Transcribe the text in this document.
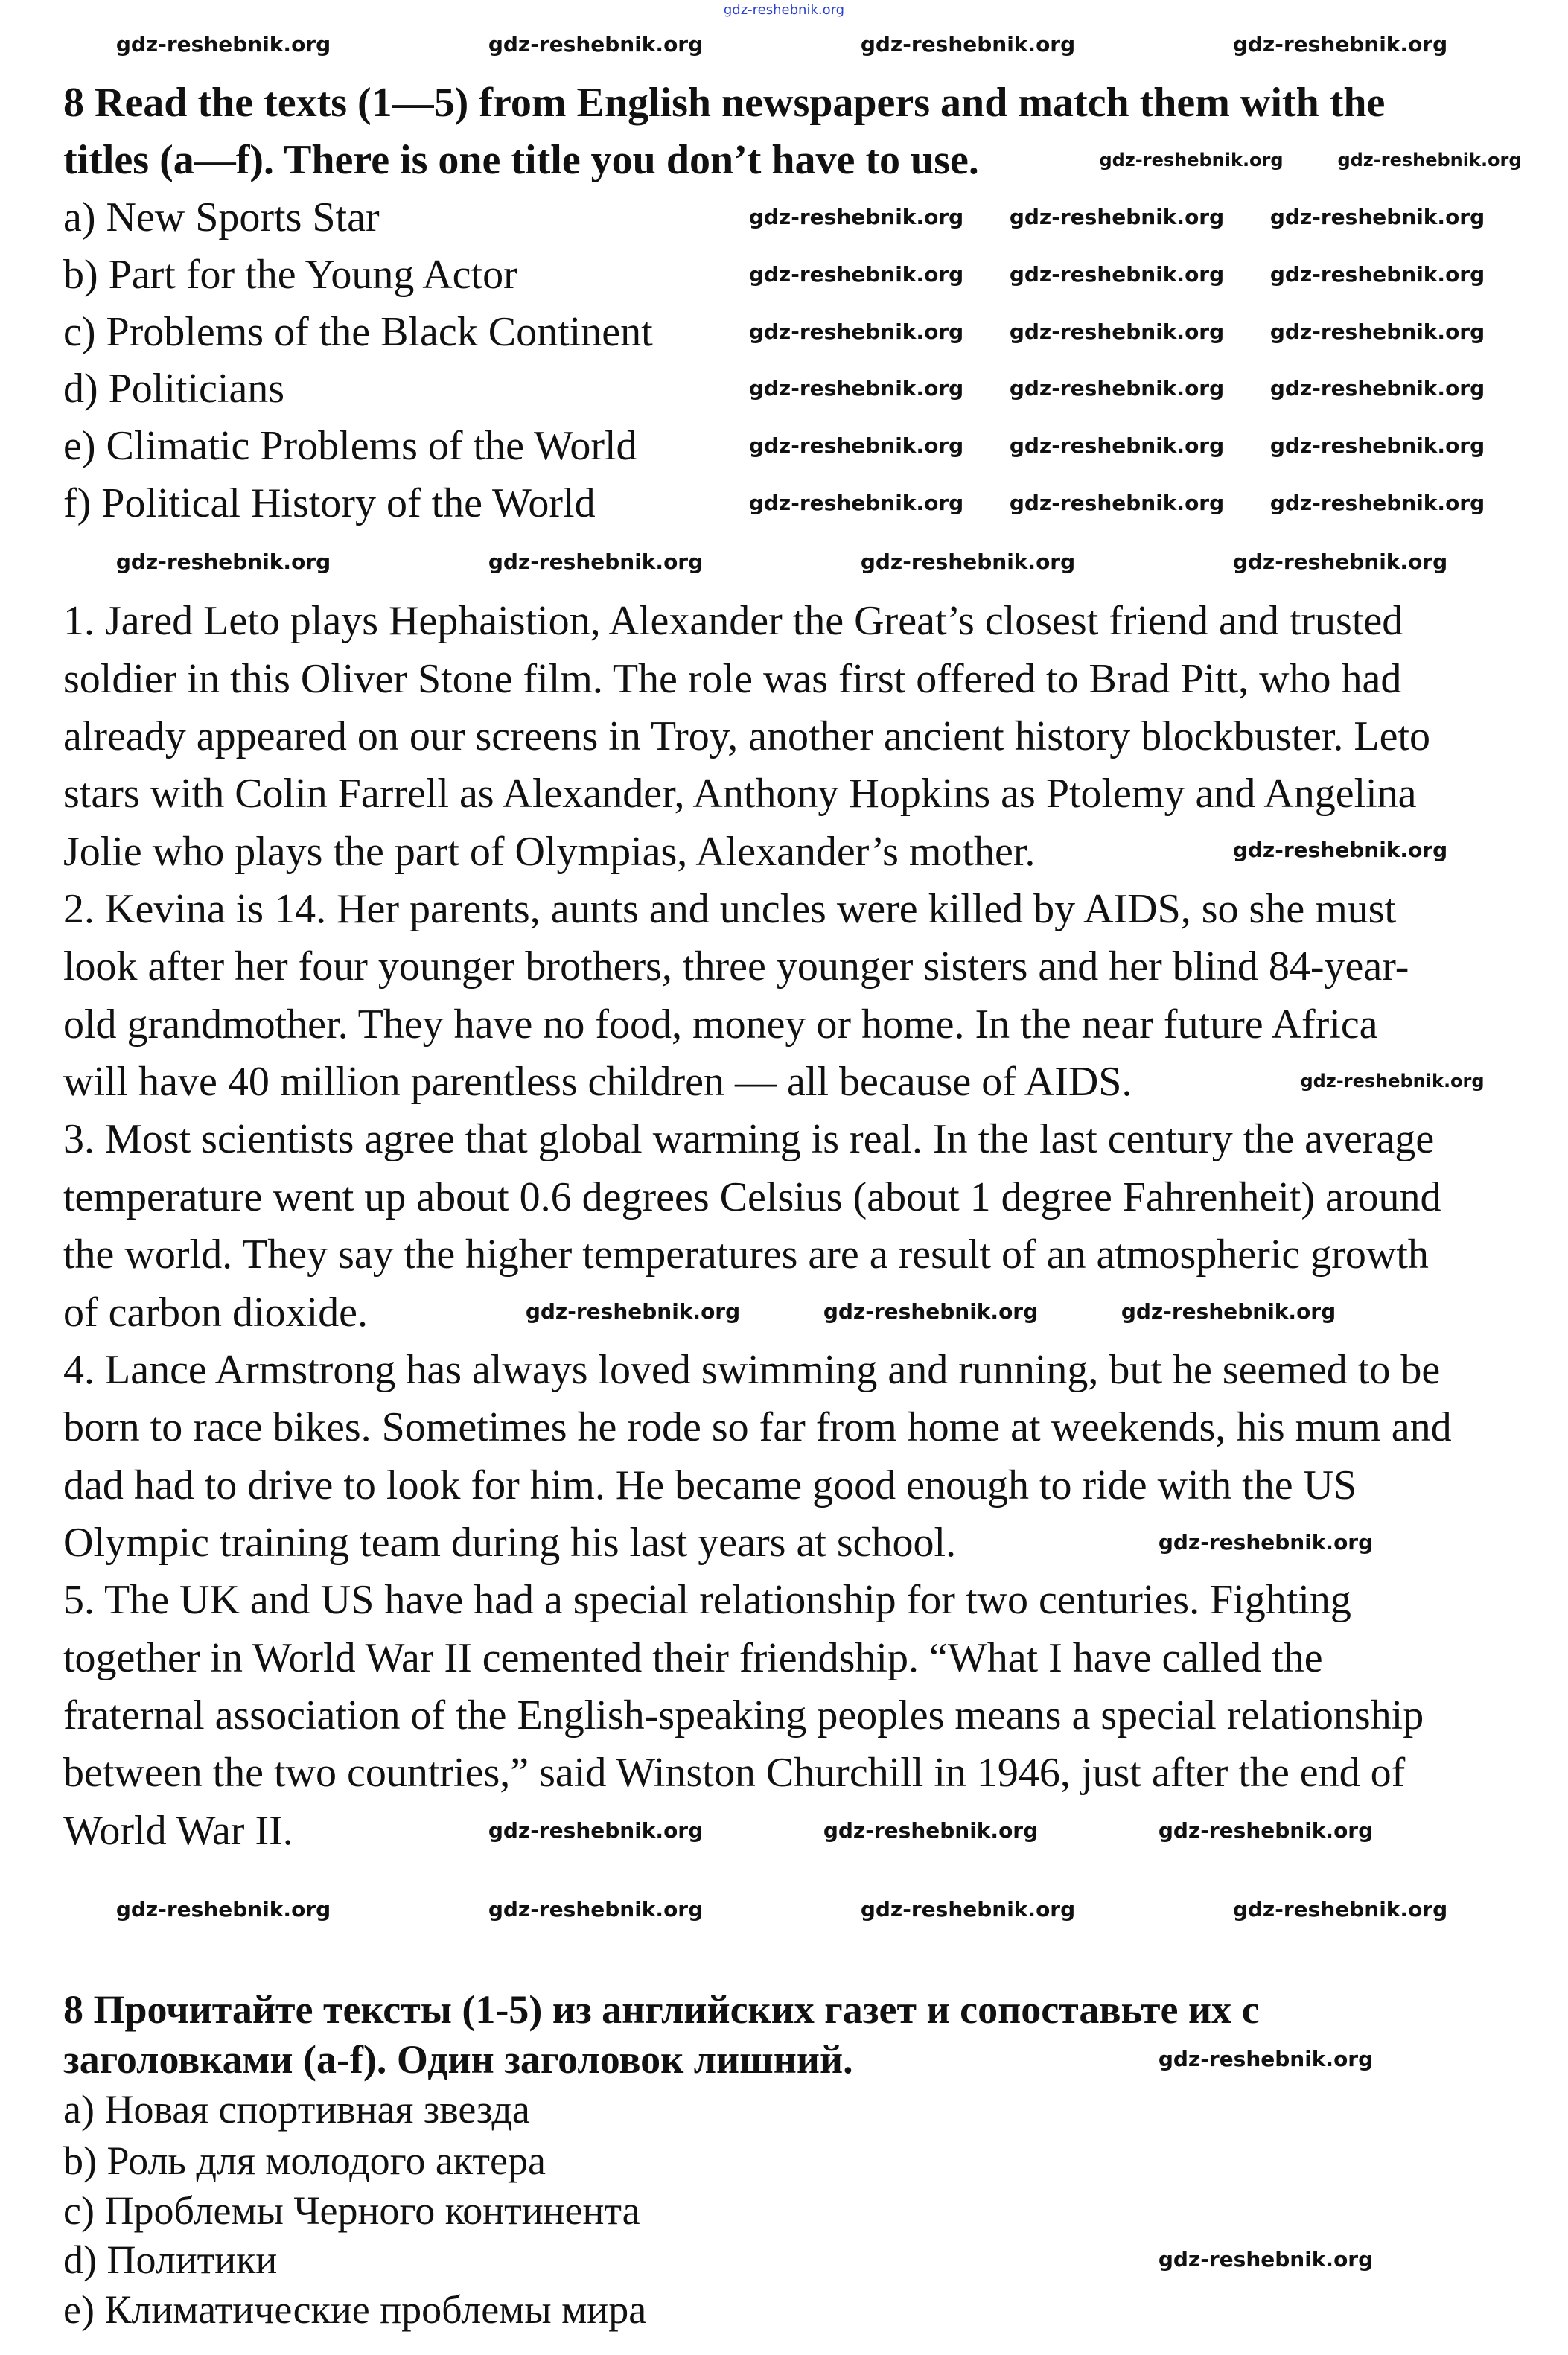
8 Read the texts (1—5) from English newspapers and match them with the
titles (a—f). There is one title you don’t have to use.
a) New Sports Star
b) Part for the Young Actor
c) Problems of the Black Continent
d) Politicians
e) Climatic Problems of the World
f) Political History of the World
1. Jared Leto plays Hephaistion, Alexander the Great’s closest friend and trusted
soldier in this Oliver Stone film. The role was first offered to Brad Pitt, who had
already appeared on our screens in Troy, another ancient history blockbuster. Leto
stars with Colin Farrell as Alexander, Anthony Hopkins as Ptolemy and Angelina
Jolie who plays the part of Olympias, Alexander’s mother.
2. Kevina is 14. Her parents, aunts and uncles were killed by AIDS, so she must
look after her four younger brothers, three younger sisters and her blind 84-year-
old grandmother. They have no food, money or home. In the near future Africa
will have 40 million parentless children — all because of AIDS.
3. Most scientists agree that global warming is real. In the last century the average
temperature went up about 0.6 degrees Celsius (about 1 degree Fahrenheit) around
the world. They say the higher temperatures are a result of an atmospheric growth
of carbon dioxide.
4. Lance Armstrong has always loved swimming and running, but he seemed to be
born to race bikes. Sometimes he rode so far from home at weekends, his mum and
dad had to drive to look for him. He became good enough to ride with the US
Olympic training team during his last years at school.
5. The UK and US have had a special relationship for two centuries. Fighting
together in World War II cemented their friendship. “What I have called the
fraternal association of the English-speaking peoples means a special relationship
between the two countries,” said Winston Churchill in 1946, just after the end of
World War II.
8 Прочитайте тексты (1-5) из английских газет и сопоставьте их с
заголовками (a-f). Один заголовок лишний.
a) Новая спортивная звезда
b) Роль для молодого актера
c) Проблемы Черного континента
d) Политики
e) Климатические проблемы мира
gdz-reshebnik.org
gdz-reshebnik.org	gdz-reshebnik.org	gdz-reshebnik.org	gdz-reshebnik.org
gdz-reshebnik.org	gdz-reshebnik.org
gdz-reshebnik.org gdz-reshebnik.org gdz-reshebnik.org
gdz-reshebnik.org gdz-reshebnik.org gdz-reshebnik.org
gdz-reshebnik.org gdz-reshebnik.org gdz-reshebnik.org
gdz-reshebnik.org gdz-reshebnik.org gdz-reshebnik.org
gdz-reshebnik.org gdz-reshebnik.org gdz-reshebnik.org
gdz-reshebnik.org gdz-reshebnik.org gdz-reshebnik.org
gdz-reshebnik.org	gdz-reshebnik.org	gdz-reshebnik.org	gdz-reshebnik.org
gdz-reshebnik.org
gdz-reshebnik.org
gdz-reshebnik.org	gdz-reshebnik.org	gdz-reshebnik.org
gdz-reshebnik.org
gdz-reshebnik.org	gdz-reshebnik.org	gdz-reshebnik.org
gdz-reshebnik.org	gdz-reshebnik.org	gdz-reshebnik.org	gdz-reshebnik.org
gdz-reshebnik.org
gdz-reshebnik.org
